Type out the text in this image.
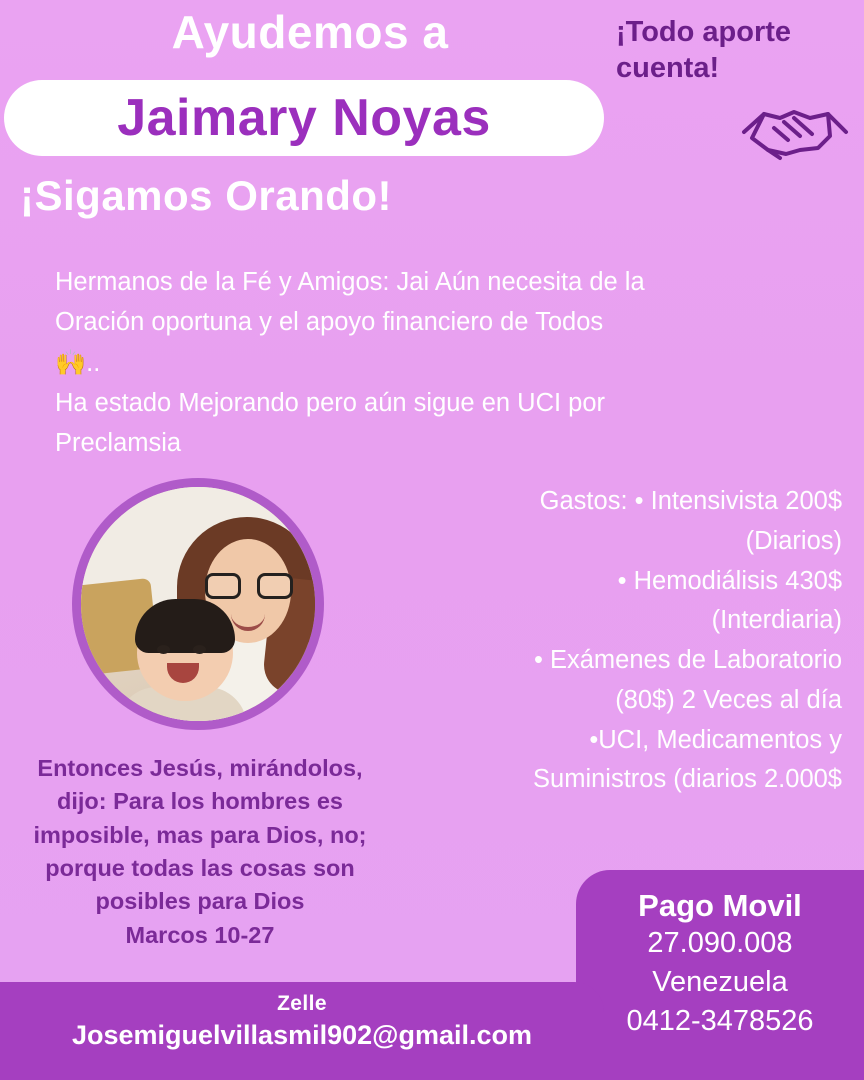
Ayudemos a
Jaimary Noyas
¡Sigamos Orando!
¡Todo aporte cuenta!
Hermanos de la Fé y Amigos: Jai Aún necesita de la
Oración oportuna y el apoyo financiero de Todos
🙌..
Ha estado Mejorando pero aún sigue en UCI por
Preclamsia
Gastos: • Intensivista 200$
(Diarios)
• Hemodiálisis 430$
(Interdiaria)
• Exámenes de Laboratorio
(80$) 2 Veces al día
•UCI, Medicamentos y
Suministros (diarios 2.000$
Entonces Jesús, mirándolos,
dijo: Para los hombres es
imposible, mas para Dios, no;
porque todas las cosas son
posibles para Dios
Marcos 10-27
Pago Movil
27.090.008
Venezuela
0412-3478526
Zelle
Josemiguelvillasmil902@gmail.com
